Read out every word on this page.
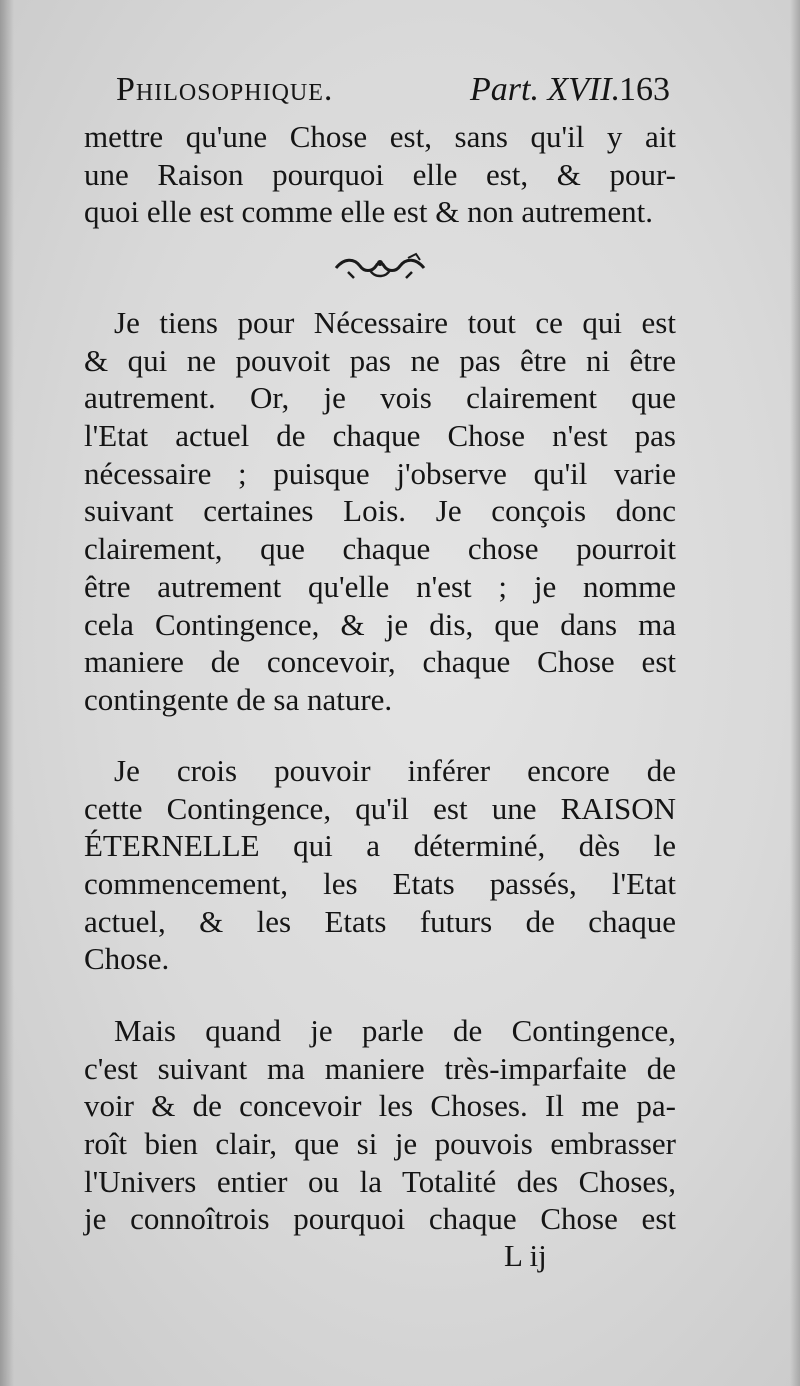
Philosophique.	Part. XVII.
163
mettre qu'une Chose est, sans qu'il y ait
une Raison pourquoi elle est, & pour-
quoi elle est comme elle est & non autrement.
Je tiens pour Nécessaire tout ce qui est
& qui ne pouvoit pas ne pas être ni être
autrement. Or, je vois clairement que
l'Etat actuel de chaque Chose n'est pas
nécessaire ; puisque j'observe qu'il varie
suivant certaines Lois. Je conçois donc
clairement, que chaque chose pourroit
être autrement qu'elle n'est ; je nomme
cela Contingence, & je dis, que dans ma
maniere de concevoir, chaque Chose est
contingente de sa nature.
Je crois pouvoir inférer encore de
cette Contingence, qu'il est une RAISON
ÉTERNELLE qui a déterminé, dès le
commencement, les Etats passés, l'Etat
actuel, & les Etats futurs de chaque
Chose.
Mais quand je parle de Contingence,
c'est suivant ma maniere très-imparfaite de
voir & de concevoir les Choses. Il me pa-
roît bien clair, que si je pouvois embrasser
l'Univers entier ou la Totalité des Choses,
je connoîtrois pourquoi chaque Chose est
L ij
